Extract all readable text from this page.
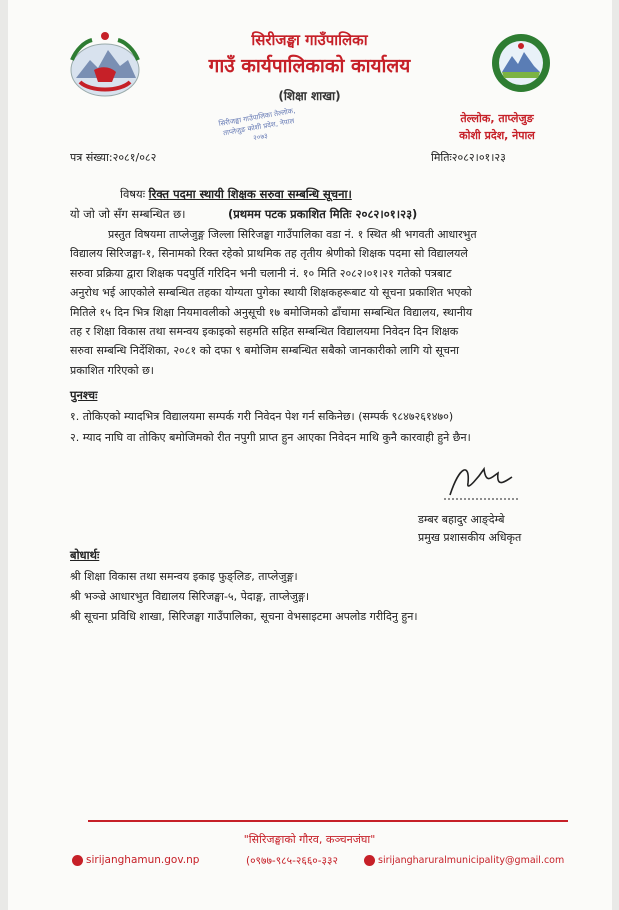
सिरीजङ्घा गाउँपालिका
गाउँ कार्यपालिकाको कार्यालय
(शिक्षा शाखा)
सिरीजङ्घा गाउँपालिका तेल्लोक, ताप्लेजुङ कोशी प्रदेश, नेपाल २०७३
तेल्लोक, ताप्लेजुङ
कोशी प्रदेश, नेपाल
पत्र संख्या:२०८१/०८२	मितिः२०८२।०१।२३
विषयः रिक्त पदमा स्थायी शिक्षक सरुवा सम्बन्धि सूचना।
यो जो जो सँग सम्बन्धित छ।	(प्रथमम पटक प्रकाशित मितिः २०८२।०१।२३)
प्रस्तुत विषयमा ताप्लेजुङ्ग जिल्ला सिरिजङ्घा गाउँपालिका वडा नं. १ स्थित श्री भगवती आधारभुत
विद्यालय सिरिजङ्घा-१, सिनामको रिक्त रहेको प्राथमिक तह तृतीय श्रेणीको शिक्षक पदमा सो विद्यालयले
सरुवा प्रक्रिया द्वारा शिक्षक पदपुर्ति गरिदिन भनी चलानी नं. १० मिति २०८२।०१।२१ गतेको पत्रबाट
अनुरोध भई आएकोले सम्बन्धित तहका योग्यता पुगेका स्थायी शिक्षकहरूबाट यो सूचना प्रकाशित भएको
मितिले १५ दिन भित्र शिक्षा नियमावलीको अनुसूची १७ बमोजिमको ढाँचामा सम्बन्धित विद्यालय, स्थानीय
तह र शिक्षा विकास तथा समन्वय इकाइको सहमति सहित सम्बन्धित विद्यालयमा निवेदन दिन शिक्षक
सरुवा सम्बन्धि निर्देशिका, २०८१ को दफा ९ बमोजिम सम्बन्धित सबैको जानकारीको लागि यो सूचना
प्रकाशित गरिएको छ।
पुनश्चः
१. तोकिएको म्यादभित्र विद्यालयमा सम्पर्क गरी निवेदन पेश गर्न सकिनेछ। (सम्पर्क ९८४७२६१४७०)
२. म्याद नाघि वा तोकिए बमोजिमको रीत नपुगी प्राप्त हुन आएका निवेदन माथि कुनै कारवाही हुने छैन।
डम्बर बहादुर आङ्देम्बे
प्रमुख प्रशासकीय अधिकृत
बोधार्थः
श्री शिक्षा विकास तथा समन्वय इकाइ फुङ्लिङ, ताप्लेजुङ्ग।
श्री भञ्ज्रे आधारभुत विद्यालय सिरिजङ्घा-५, पेदाङ्ग, ताप्लेजुङ्ग।
श्री सूचना प्रविधि शाखा, सिरिजङ्घा गाउँपालिका, सूचना वेभसाइटमा अपलोड गरीदिनु हुन।
"सिरिजङ्घाको गौरव, कञ्चनजंघा"
sirijanghamun.gov.np	(०९७७-९८५-२६६०-३३२	sirijangharuralmunicipality@gmail.com
